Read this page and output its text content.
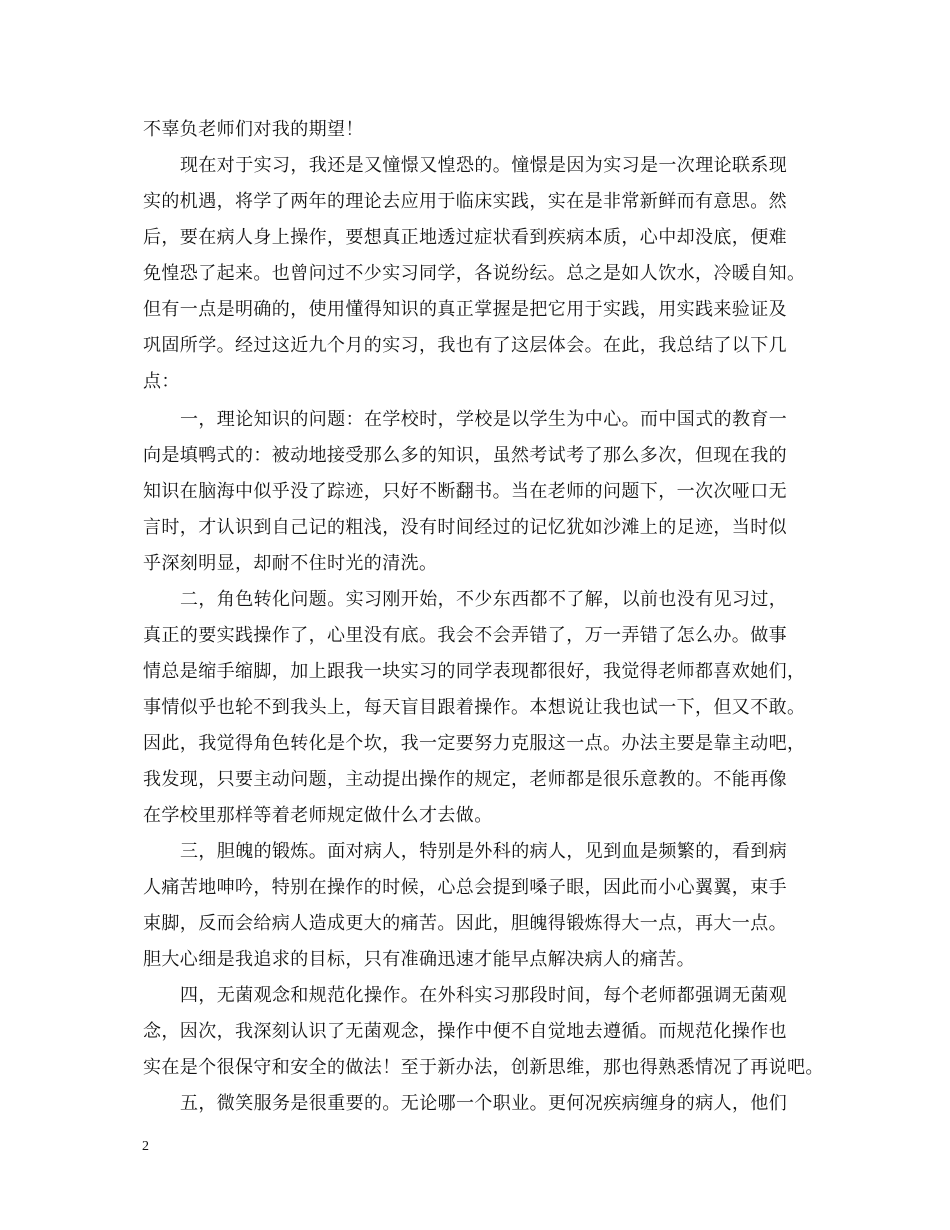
不辜负老师们对我的期望！
现在对于实习，我还是又憧憬又惶恐的。憧憬是因为实习是一次理论联系现
实的机遇，将学了两年的理论去应用于临床实践，实在是非常新鲜而有意思。然
后，要在病人身上操作，要想真正地透过症状看到疾病本质，心中却没底，便难
免惶恐了起来。也曾问过不少实习同学，各说纷纭。总之是如人饮水，冷暖自知。
但有一点是明确的，使用懂得知识的真正掌握是把它用于实践，用实践来验证及
巩固所学。经过这近九个月的实习，我也有了这层体会。在此，我总结了以下几
点：
一，理论知识的问题：在学校时，学校是以学生为中心。而中国式的教育一
向是填鸭式的：被动地接受那么多的知识，虽然考试考了那么多次，但现在我的
知识在脑海中似乎没了踪迹，只好不断翻书。当在老师的问题下，一次次哑口无
言时，才认识到自己记的粗浅，没有时间经过的记忆犹如沙滩上的足迹，当时似
乎深刻明显，却耐不住时光的清洗。
二，角色转化问题。实习刚开始，不少东西都不了解，以前也没有见习过，
真正的要实践操作了，心里没有底。我会不会弄错了，万一弄错了怎么办。做事
情总是缩手缩脚，加上跟我一块实习的同学表现都很好，我觉得老师都喜欢她们，
事情似乎也轮不到我头上，每天盲目跟着操作。本想说让我也试一下，但又不敢。
因此，我觉得角色转化是个坎，我一定要努力克服这一点。办法主要是靠主动吧，
我发现，只要主动问题，主动提出操作的规定，老师都是很乐意教的。不能再像
在学校里那样等着老师规定做什么才去做。
三，胆魄的锻炼。面对病人，特别是外科的病人，见到血是频繁的，看到病
人痛苦地呻吟，特别在操作的时候，心总会提到嗓子眼，因此而小心翼翼，束手
束脚，反而会给病人造成更大的痛苦。因此，胆魄得锻炼得大一点，再大一点。
胆大心细是我追求的目标，只有准确迅速才能早点解决病人的痛苦。
四，无菌观念和规范化操作。在外科实习那段时间，每个老师都强调无菌观
念，因次，我深刻认识了无菌观念，操作中便不自觉地去遵循。而规范化操作也
实在是个很保守和安全的做法！至于新办法，创新思维，那也得熟悉情况了再说吧。
五，微笑服务是很重要的。无论哪一个职业。更何况疾病缠身的病人，他们
2
